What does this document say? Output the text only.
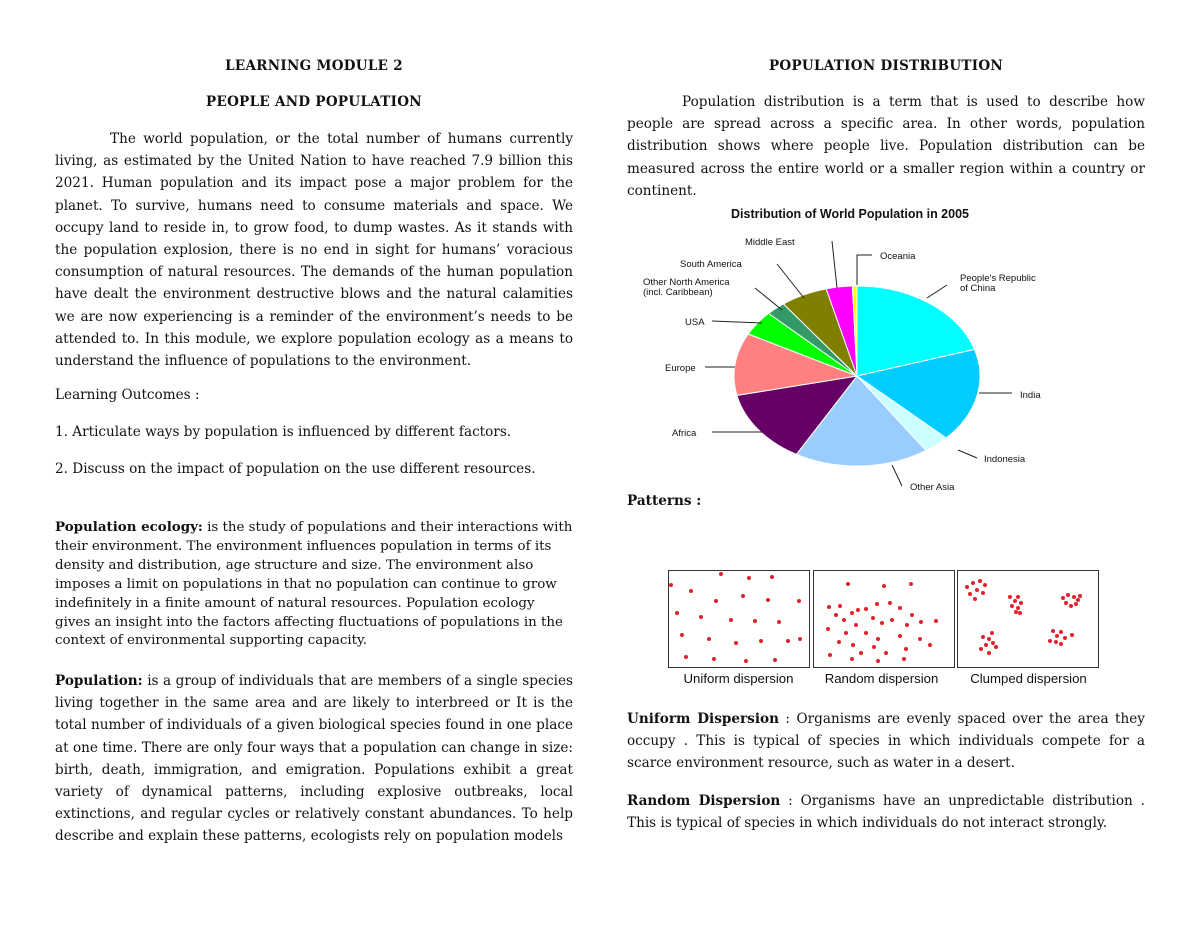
LEARNING MODULE 2
PEOPLE AND POPULATION

The world population, or the total number of humans currently living, as estimated by the United Nation to have reached 7.9 billion this 2021. Human population and its impact pose a major problem for the planet. To survive, humans need to consume materials and space. We occupy land to reside in, to grow food, to dump wastes. As it stands with the population explosion, there is no end in sight for humans’ voracious consumption of natural resources. The demands of the human population have dealt the environment destructive blows and the natural calamities we are now experiencing is a reminder of the environment’s needs to be attended to. In this module, we explore population ecology as a means to understand the influence of populations to the environment.

Learning Outcomes :

1. Articulate ways by population is influenced by different factors.

2. Discuss on the impact of population on the use different resources.

Population ecology: is the study of populations and their interactions with their environment. The environment influences population in terms of its density and distribution, age structure and size. The environment also imposes a limit on populations in that no population can continue to grow indefinitely in a finite amount of natural resources. Population ecology gives an insight into the factors affecting fluctuations of populations in the context of environmental supporting capacity.

Population: is a group of individuals that are members of a single species living together in the same area and are likely to interbreed or It is the total number of individuals of a given biological species found in one place at one time. There are only four ways that a population can change in size: birth, death, immigration, and emigration. Populations exhibit a great variety of dynamical patterns, including explosive outbreaks, local extinctions, and regular cycles or relatively constant abundances. To help describe and explain these patterns, ecologists rely on population models

POPULATION DISTRIBUTION

Population distribution is a term that is used to describe how people are spread across a specific area. In other words, population distribution shows where people live. Population distribution can be measured across the entire world or a smaller region within a country or continent.

Patterns :

Uniform Dispersion : Organisms are evenly spaced over the area they occupy . This is typical of species in which individuals compete for a scarce environment resource, such as water in a desert.

Random Dispersion : Organisms have an unpredictable distribution . This is typical of species in which individuals do not interact strongly.

Distribution of World Population in 2005
People's Republic
of China
India
Indonesia
Other Asia
Africa
Europe
USA
Other North America
(incl. Caribbean)
South America
Middle East
Oceania
Uniform dispersion	Random dispersion	Clumped dispersion
